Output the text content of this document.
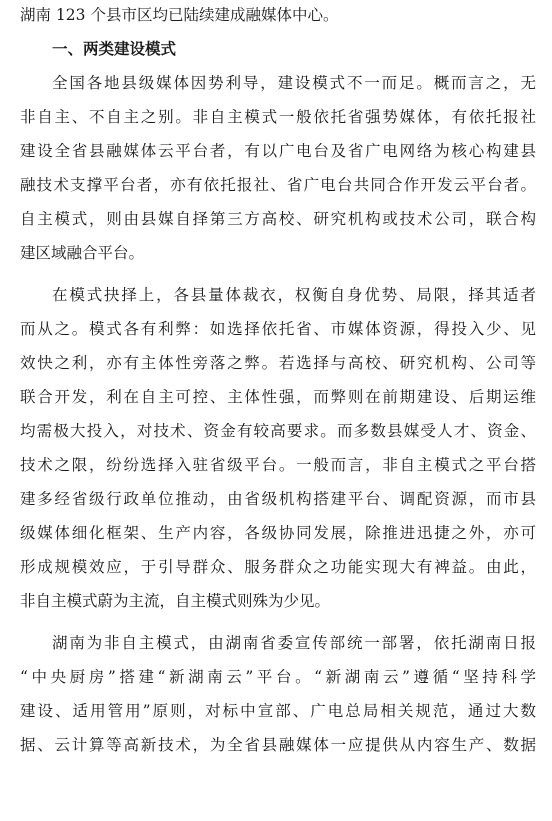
湖南 123 个县市区均已陆续建成融媒体中心。
一、两类建设模式
全国各地县级媒体因势利导，建设模式不一而足。概而言之，无
非自主、不自主之别。非自主模式一般依托省强势媒体，有依托报社
建设全省县融媒体云平台者，有以广电台及省广电网络为核心构建县
融技术支撑平台者，亦有依托报社、省广电台共同合作开发云平台者。
自主模式，则由县媒自择第三方高校、研究机构或技术公司，联合构
建区域融合平台。
在模式抉择上，各县量体裁衣，权衡自身优势、局限，择其适者
而从之。模式各有利弊：如选择依托省、市媒体资源，得投入少、见
效快之利，亦有主体性旁落之弊。若选择与高校、研究机构、公司等
联合开发，利在自主可控、主体性强，而弊则在前期建设、后期运维
均需极大投入，对技术、资金有较高要求。而多数县媒受人才、资金、
技术之限，纷纷选择入驻省级平台。一般而言，非自主模式之平台搭
建多经省级行政单位推动，由省级机构搭建平台、调配资源，而市县
级媒体细化框架、生产内容，各级协同发展，除推进迅捷之外，亦可
形成规模效应，于引导群众、服务群众之功能实现大有裨益。由此，
非自主模式蔚为主流，自主模式则殊为少见。
湖南为非自主模式，由湖南省委宣传部统一部署，依托湖南日报
“中央厨房”搭建“新湖南云”平台。“新湖南云”遵循“坚持科学
建设、适用管用”原则，对标中宣部、广电总局相关规范，通过大数
据、云计算等高新技术，为全省县融媒体一应提供从内容生产、数据
